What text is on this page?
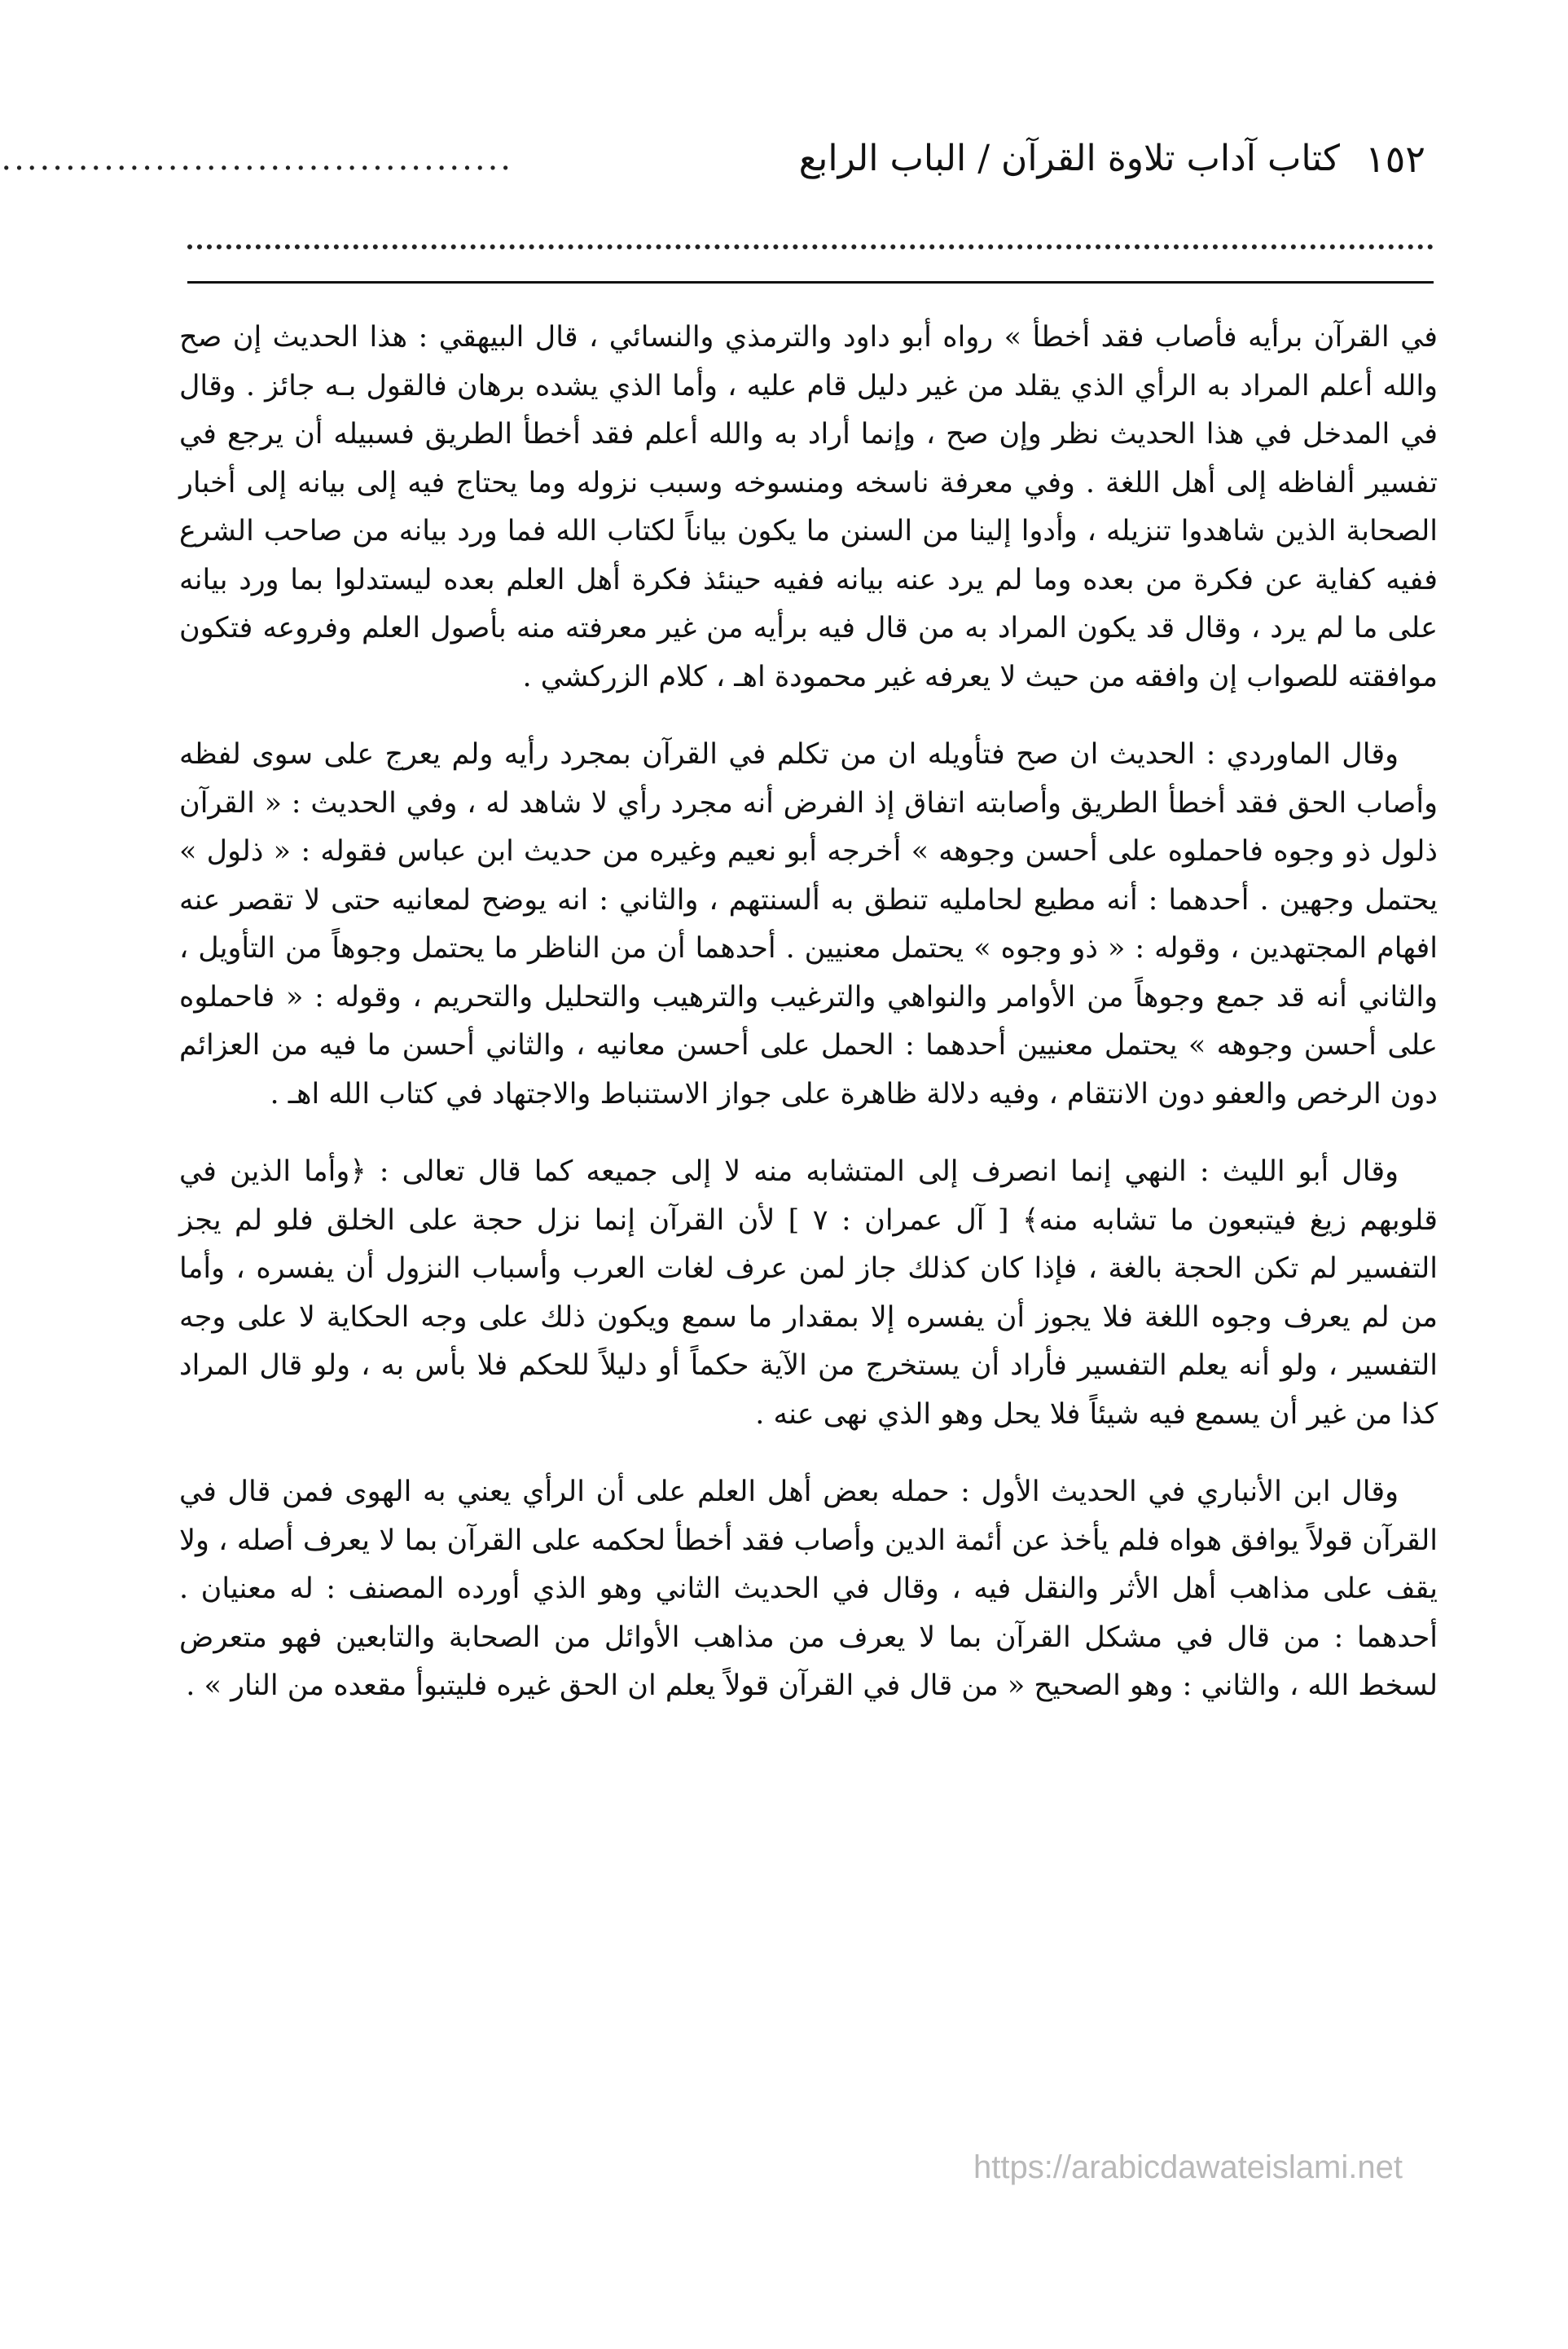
١٥٢
كتاب آداب تلاوة القرآن / الباب الرابع
........................................

في القرآن برأيه فأصاب فقد أخطأ » رواه أبو داود والترمذي والنسائي ، قال البيهقي : هذا الحديث إن صح والله أعلم المراد به الرأي الذي يقلد من غير دليل قام عليه ، وأما الذي يشده برهان فالقول بـه جائز . وقال في المدخل في هذا الحديث نظر وإن صح ، وإنما أراد به والله أعلم فقد أخطأ الطريق فسبيله أن يرجع في تفسير ألفاظه إلى أهل اللغة . وفي معرفة ناسخه ومنسوخه وسبب نزوله وما يحتاج فيه إلى بيانه إلى أخبار الصحابة الذين شاهدوا تنزيله ، وأدوا إلينا من السنن ما يكون بياناً لكتاب الله فما ورد بيانه من صاحب الشرع ففيه كفاية عن فكرة من بعده وما لم يرد عنه بيانه ففيه حينئذ فكرة أهل العلم بعده ليستدلوا بما ورد بيانه على ما لم يرد ، وقال قد يكون المراد به من قال فيه برأيه من غير معرفته منه بأصول العلم وفروعه فتكون موافقته للصواب إن وافقه من حيث لا يعرفه غير محمودة اهـ ، كلام الزركشي .

وقال الماوردي : الحديث ان صح فتأويله ان من تكلم في القرآن بمجرد رأيه ولم يعرج على سوى لفظه وأصاب الحق فقد أخطأ الطريق وأصابته اتفاق إذ الفرض أنه مجرد رأي لا شاهد له ، وفي الحديث : « القرآن ذلول ذو وجوه فاحملوه على أحسن وجوهه » أخرجه أبو نعيم وغيره من حديث ابن عباس فقوله : « ذلول » يحتمل وجهين . أحدهما : أنه مطيع لحامليه تنطق به ألسنتهم ، والثاني : انه يوضح لمعانيه حتى لا تقصر عنه افهام المجتهدين ، وقوله : « ذو وجوه » يحتمل معنيين . أحدهما أن من الناظر ما يحتمل وجوهاً من التأويل ، والثاني أنه قد جمع وجوهاً من الأوامر والنواهي والترغيب والترهيب والتحليل والتحريم ، وقوله : « فاحملوه على أحسن وجوهه » يحتمل معنيين أحدهما : الحمل على أحسن معانيه ، والثاني أحسن ما فيه من العزائم دون الرخص والعفو دون الانتقام ، وفيه دلالة ظاهرة على جواز الاستنباط والاجتهاد في كتاب الله اهـ .

وقال أبو الليث : النهي إنما انصرف إلى المتشابه منه لا إلى جميعه كما قال تعالى : ﴿وأما الذين في قلوبهم زيغ فيتبعون ما تشابه منه﴾ [ آل عمران : ٧ ] لأن القرآن إنما نزل حجة على الخلق فلو لم يجز التفسير لم تكن الحجة بالغة ، فإذا كان كذلك جاز لمن عرف لغات العرب وأسباب النزول أن يفسره ، وأما من لم يعرف وجوه اللغة فلا يجوز أن يفسره إلا بمقدار ما سمع ويكون ذلك على وجه الحكاية لا على وجه التفسير ، ولو أنه يعلم التفسير فأراد أن يستخرج من الآية حكماً أو دليلاً للحكم فلا بأس به ، ولو قال المراد كذا من غير أن يسمع فيه شيئاً فلا يحل وهو الذي نهى عنه .

وقال ابن الأنباري في الحديث الأول : حمله بعض أهل العلم على أن الرأي يعني به الهوى فمن قال في القرآن قولاً يوافق هواه فلم يأخذ عن أئمة الدين وأصاب فقد أخطأ لحكمه على القرآن بما لا يعرف أصله ، ولا يقف على مذاهب أهل الأثر والنقل فيه ، وقال في الحديث الثاني وهو الذي أورده المصنف : له معنيان . أحدهما : من قال في مشكل القرآن بما لا يعرف من مذاهب الأوائل من الصحابة والتابعين فهو متعرض لسخط الله ، والثاني : وهو الصحيح « من قال في القرآن قولاً يعلم ان الحق غيره فليتبوأ مقعده من النار » .

https://arabicdawateislami.net
